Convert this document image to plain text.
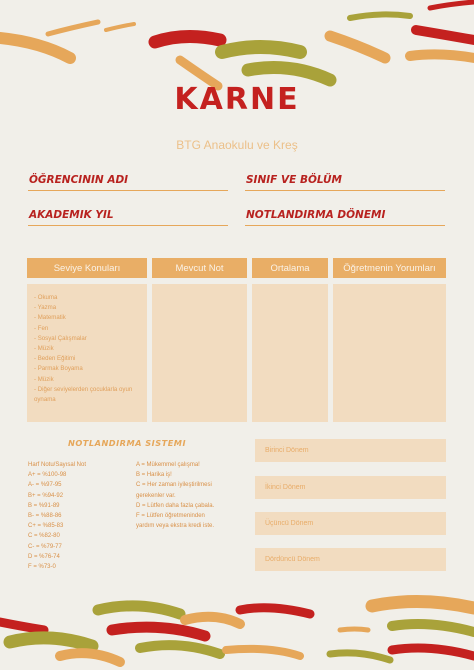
KARNE
BTG Anaokulu ve Kreş
ÖĞRENCININ ADI	SINIF VE BÖLÜM
AKADEMIK YIL	NOTLANDIRMA DÖNEMI
Seviye Konuları	Mevcut Not	Ortalama	Öğretmenin Yorumları
- Okuma
- Yazma
- Matematik
- Fen
- Sosyal Çalışmalar
- Müzik
- Beden Eğitimi
- Parmak Boyama
- Müzik
- Diğer seviyelerden çocuklarla oyun oynama
NOTLANDIRMA SISTEMI
Harf Notu/Sayısal Not
A+ = %100-98
A- = %97-95
B+ = %94-92
B = %91-89
B- = %88-86
C+ = %85-83
C = %82-80
C- = %79-77
D = %76-74
F = %73-0
A = Mükemmel çalışma!
B = Harika iş!
C = Her zaman iyileştirilmesi
gerekenler var.
D = Lütfen daha fazla çabala.
F = Lütfen öğretmeninden
yardım veya ekstra kredi iste.
Birinci Dönem
İkinci Dönem
Üçüncü Dönem
Dördüncü Dönem
